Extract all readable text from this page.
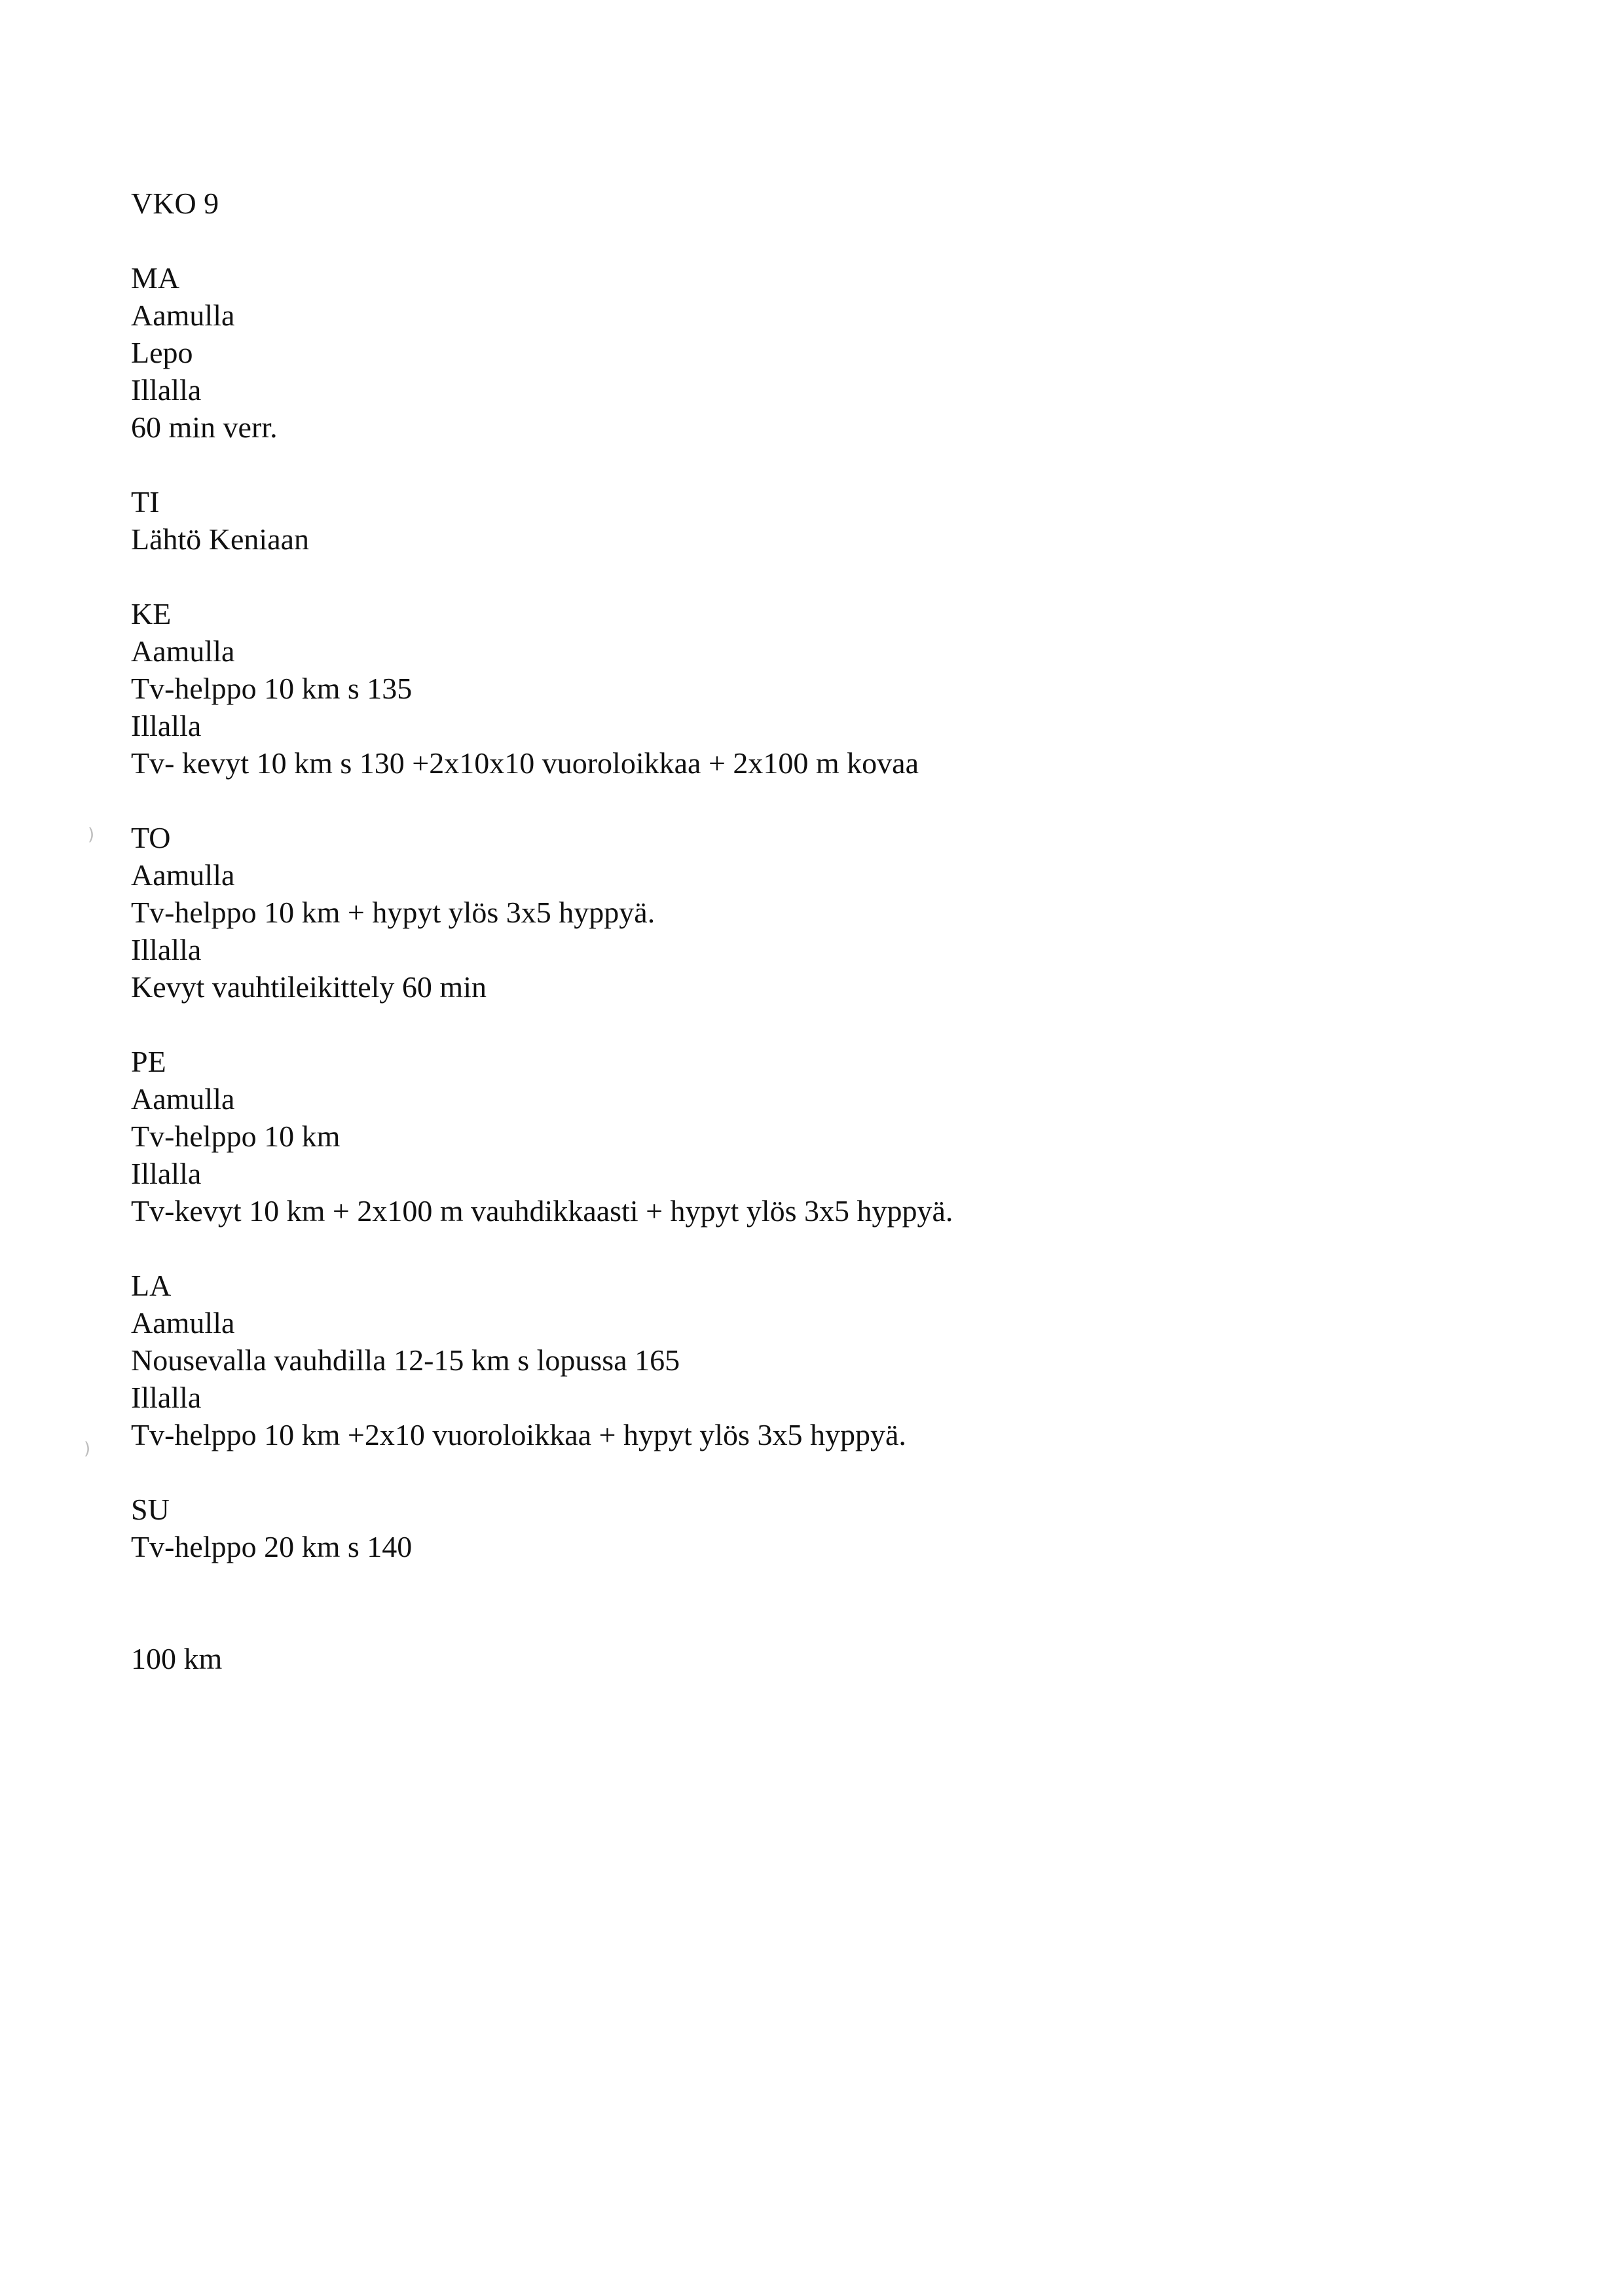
)
)
VKO 9
MA
Aamulla
Lepo
Illalla
60 min verr.
TI
Lähtö Keniaan
KE
Aamulla
Tv-helppo 10 km s 135
Illalla
Tv- kevyt 10 km s 130 +2x10x10 vuoroloikkaa + 2x100 m kovaa
TO
Aamulla
Tv-helppo 10 km + hypyt ylös 3x5 hyppyä.
Illalla
Kevyt vauhtileikittely 60 min
PE
Aamulla
Tv-helppo 10 km
Illalla
Tv-kevyt 10 km + 2x100 m vauhdikkaasti + hypyt ylös 3x5 hyppyä.
LA
Aamulla
Nousevalla vauhdilla 12-15 km s lopussa 165
Illalla
Tv-helppo 10 km +2x10 vuoroloikkaa + hypyt ylös 3x5 hyppyä.
SU
Tv-helppo 20 km s 140
100 km
